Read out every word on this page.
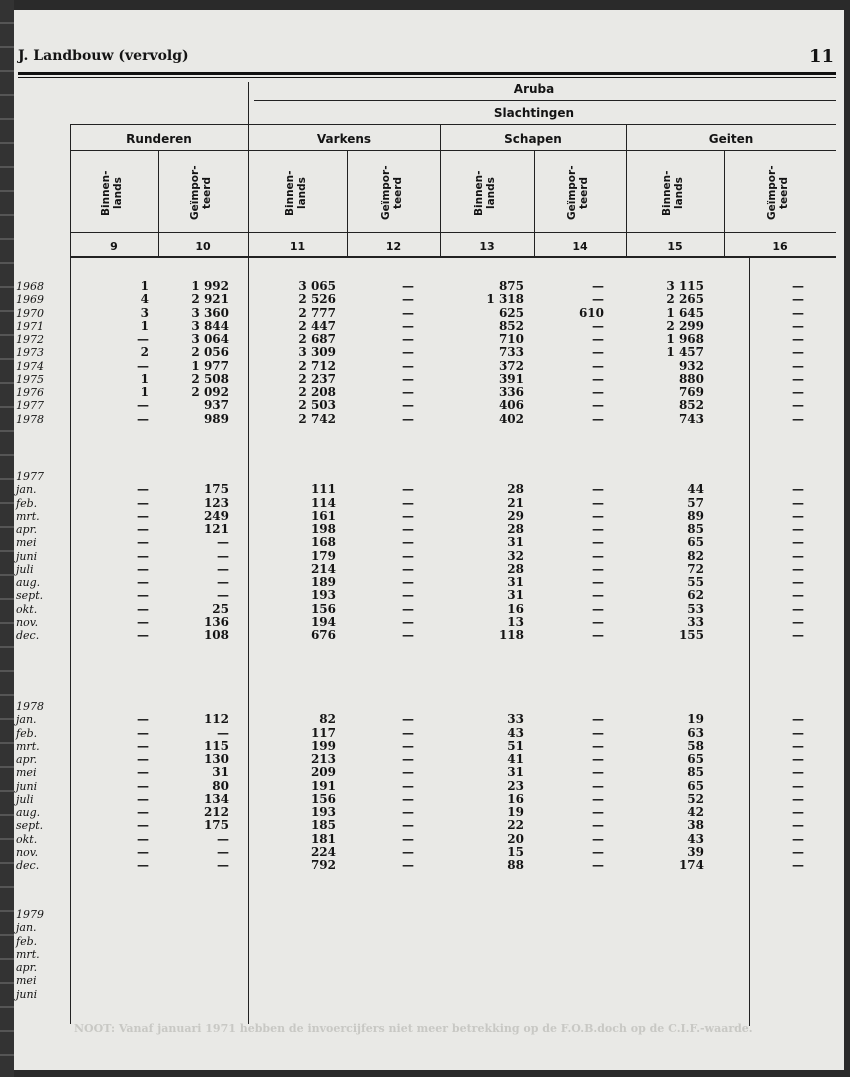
J. Landbouw (vervolg)	11
Aruba
Slachtingen
Runderen	Varkens	Schapen	Geiten
Binnen- lands	Geïmpor- teerd	Binnen- lands	Geïmpor- teerd	Binnen- lands	Geïmpor- teerd	Binnen- lands	Geïmpor- teerd
9	10	11	12	13	14	15	16
1968	1	1 992	3 065	—	875	—	3 115	—
1969	4	2 921	2 526	—	1 318	—	2 265	—
1970	3	3 360	2 777	—	625	610	1 645	—
1971	1	3 844	2 447	—	852	—	2 299	—
1972	—	3 064	2 687	—	710	—	1 968	—
1973	2	2 056	3 309	—	733	—	1 457	—
1974	—	1 977	2 712	—	372	—	932	—
1975	1	2 508	2 237	—	391	—	880	—
1976	1	2 092	2 208	—	336	—	769	—
1977	—	937	2 503	—	406	—	852	—
1978	—	989	2 742	—	402	—	743	—
1977
jan.	—	175	111	—	28	—	44	—
feb.	—	123	114	—	21	—	57	—
mrt.	—	249	161	—	29	—	89	—
apr.	—	121	198	—	28	—	85	—
mei	—	—	168	—	31	—	65	—
juni	—	—	179	—	32	—	82	—
juli	—	—	214	—	28	—	72	—
aug.	—	—	189	—	31	—	55	—
sept.	—	—	193	—	31	—	62	—
okt.	—	25	156	—	16	—	53	—
nov.	—	136	194	—	13	—	33	—
dec.	—	108	676	—	118	—	155	—
1978
jan.	—	112	82	—	33	—	19	—
feb.	—	—	117	—	43	—	63	—
mrt.	—	115	199	—	51	—	58	—
apr.	—	130	213	—	41	—	65	—
mei	—	31	209	—	31	—	85	—
juni	—	80	191	—	23	—	65	—
juli	—	134	156	—	16	—	52	—
aug.	—	212	193	—	19	—	42	—
sept.	—	175	185	—	22	—	38	—
okt.	—	—	181	—	20	—	43	—
nov.	—	—	224	—	15	—	39	—
dec.	—	—	792	—	88	—	174	—
1979
jan.
feb.
mrt.
apr.
mei
juni
NOOT: Vanaf januari 1971 hebben de invoercijfers niet meer betrekking op de F.O.B.doch op de C.I.F.-waarde.
